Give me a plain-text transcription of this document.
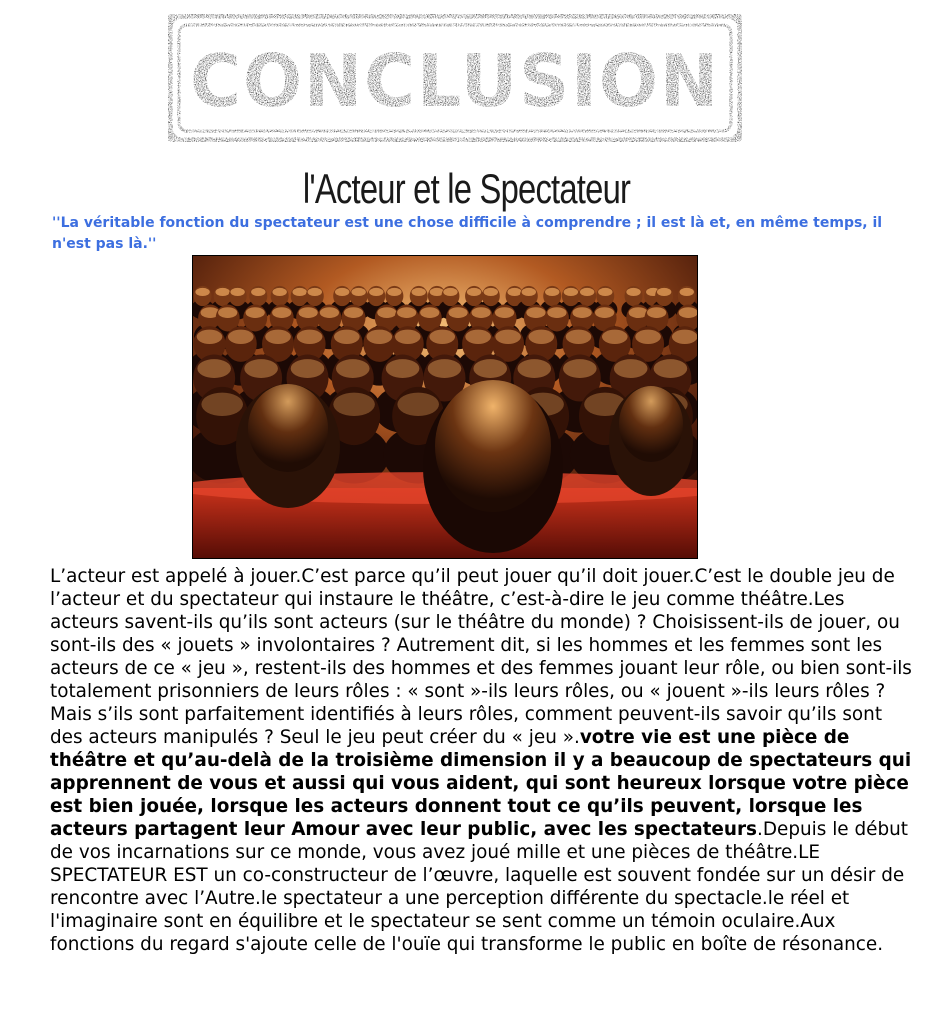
CONCLUSION
l'Acteur et le Spectateur
''La véritable fonction du spectateur est une chose difficile à comprendre ; il est là et, en même temps, il n'est pas là.''
L’acteur est appelé à jouer.C’est parce qu’il peut jouer qu’il doit jouer.C’est le double jeu de l’acteur et du spectateur qui instaure le théâtre, c’est-à-dire le jeu comme théâtre.Les acteurs savent-ils qu’ils sont acteurs (sur le théâtre du monde) ? Choisissent-ils de jouer, ou sont-ils des « jouets » involontaires ? Autrement dit, si les hommes et les femmes sont les acteurs de ce « jeu », restent-ils des hommes et des femmes jouant leur rôle, ou bien sont-ils totalement prisonniers de leurs rôles : « sont »-ils leurs rôles, ou « jouent »-ils leurs rôles ? Mais s’ils sont parfaitement identifiés à leurs rôles, comment peuvent-ils savoir qu’ils sont des acteurs manipulés ? Seul le jeu peut créer du « jeu ».votre vie est une pièce de théâtre et qu’au-delà de la troisième dimension il y a beaucoup de spectateurs qui apprennent de vous et aussi qui vous aident, qui sont heureux lorsque votre pièce est bien jouée, lorsque les acteurs donnent tout ce qu’ils peuvent, lorsque les acteurs partagent leur Amour avec leur public, avec les spectateurs.Depuis le début de vos incarnations sur ce monde, vous avez joué mille et une pièces de théâtre.LE SPECTATEUR EST un co-constructeur de l’œuvre, laquelle est souvent fondée sur un désir de rencontre avec l’Autre.le spectateur a une perception différente du spectacle.le réel et l'imaginaire sont en équilibre et le spectateur se sent comme un témoin oculaire.Aux fonctions du regard s'ajoute celle de l'ouïe qui transforme le public en boîte de résonance.
